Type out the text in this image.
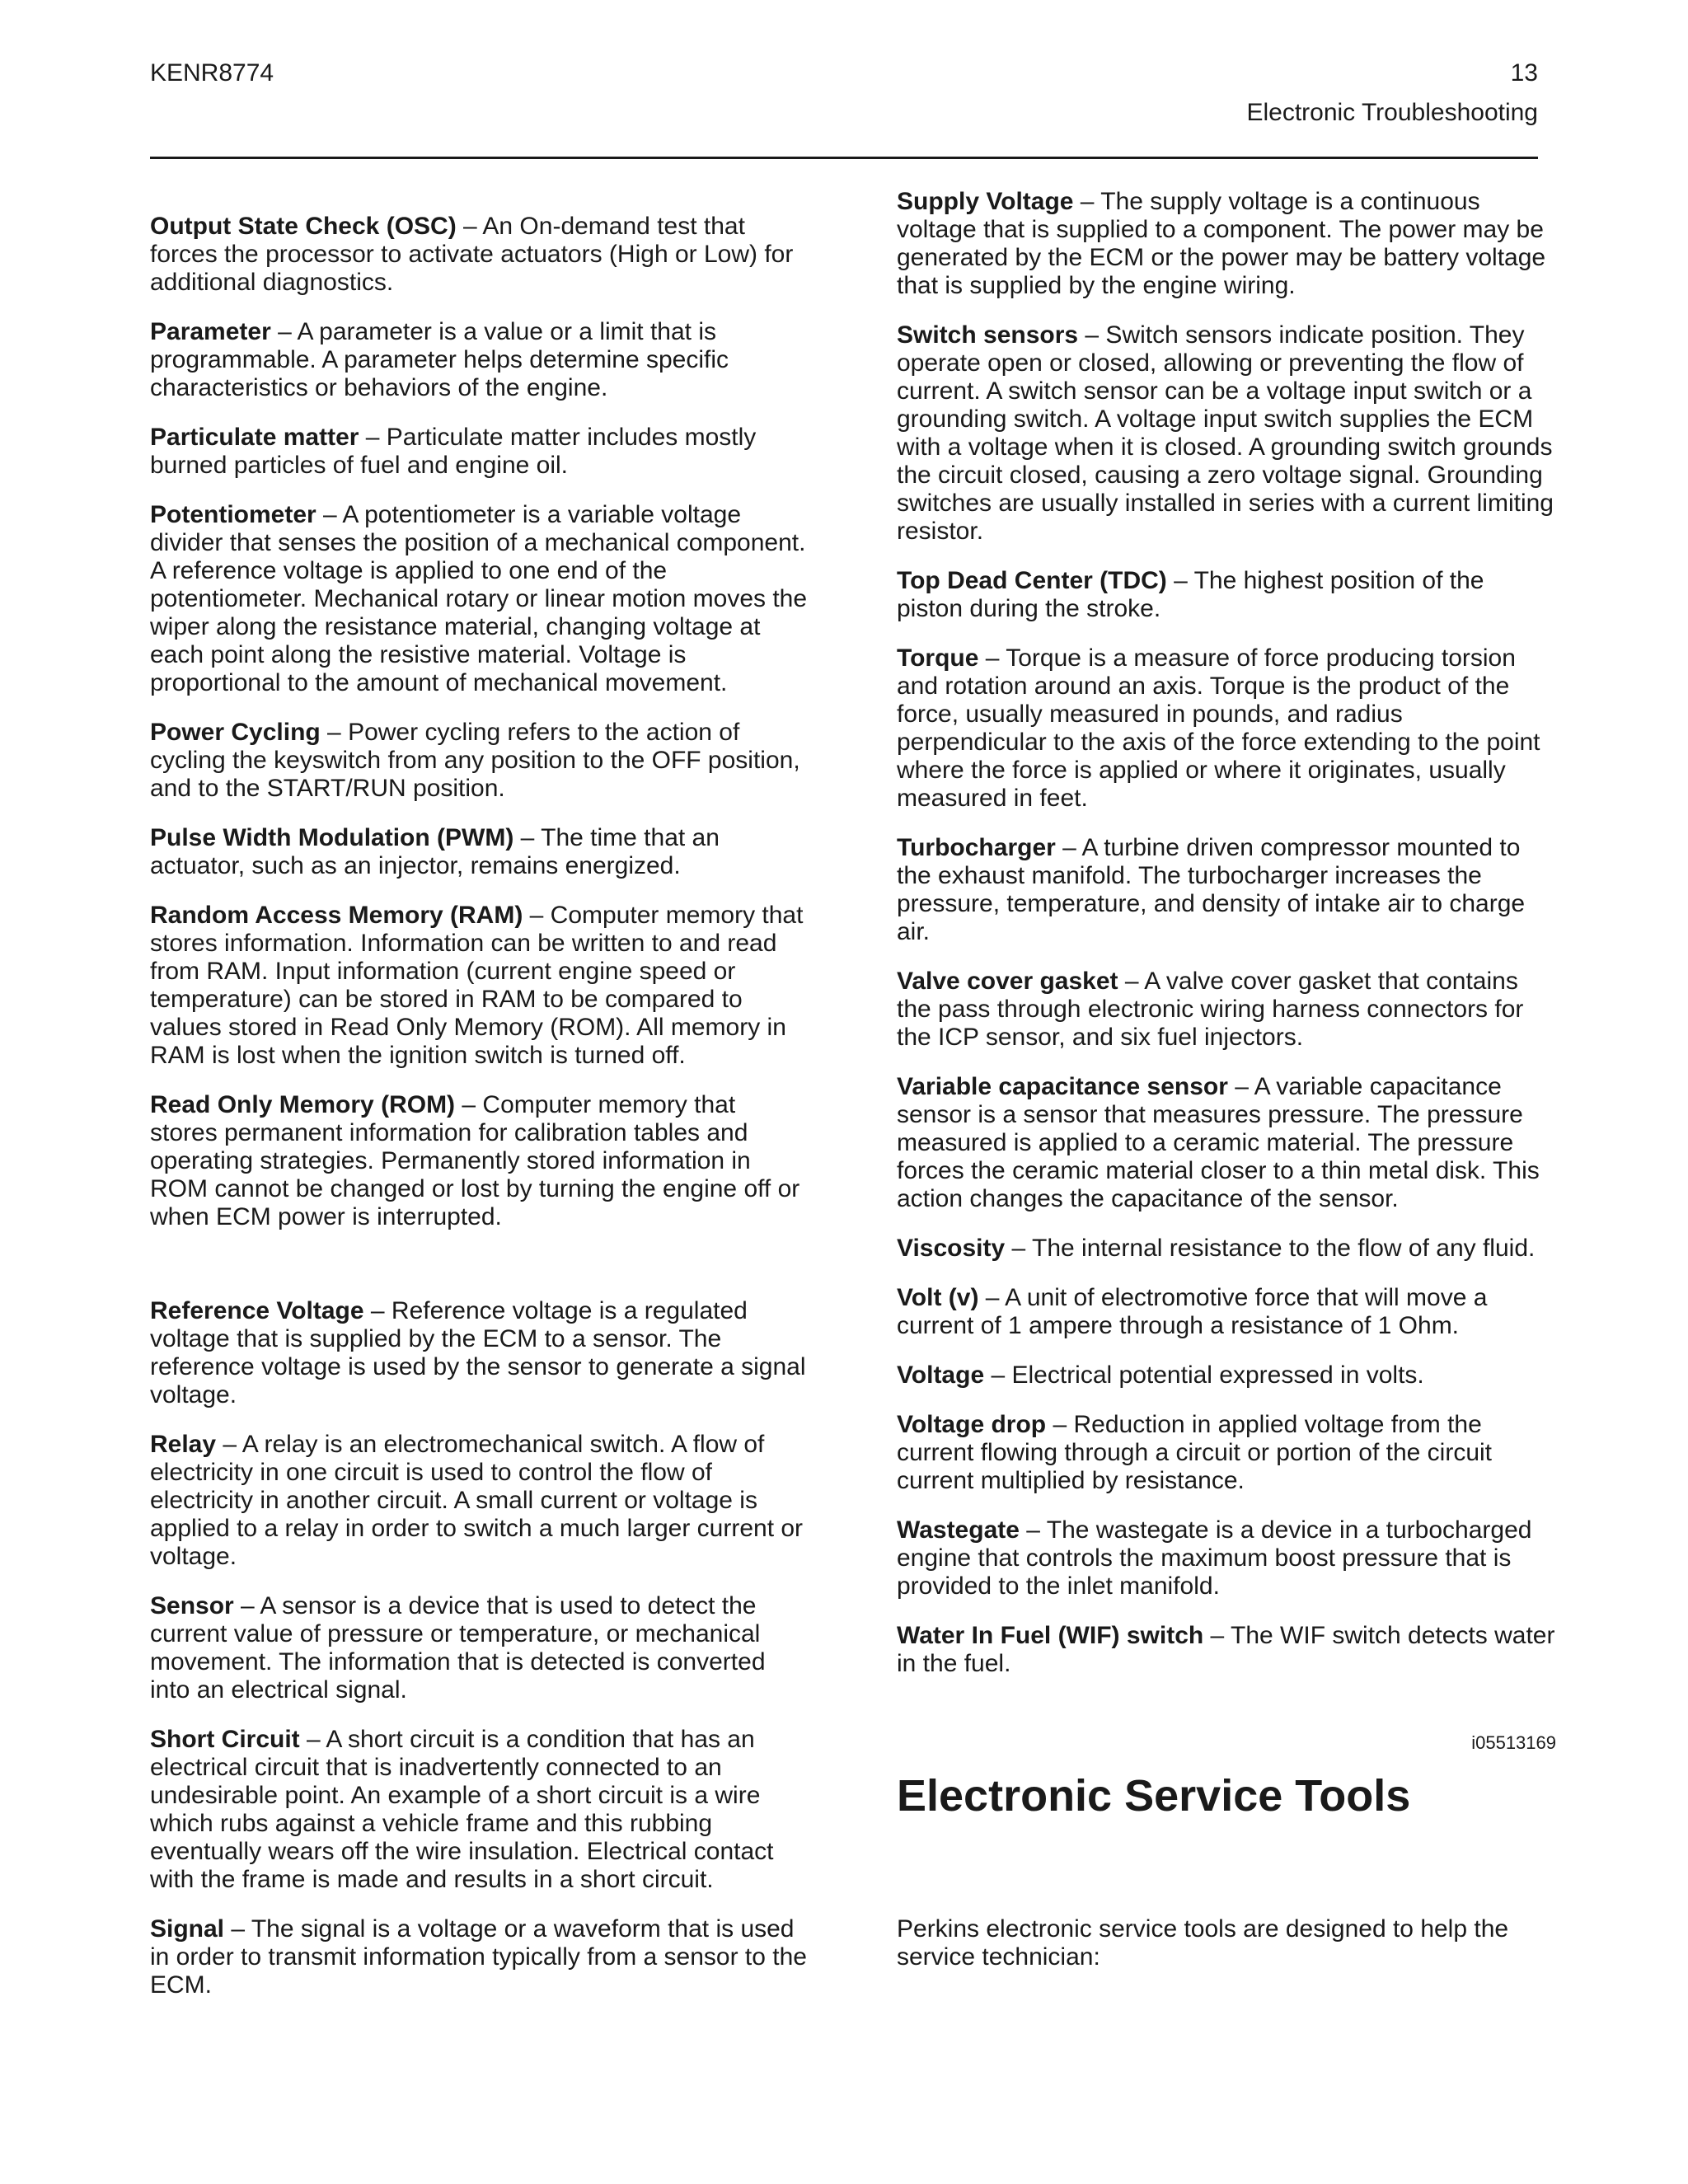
KENR8774	13
Electronic Troubleshooting

Output State Check (OSC) – An On-demand test that forces the processor to activate actuators (High or Low) for additional diagnostics.

Parameter – A parameter is a value or a limit that is programmable. A parameter helps determine specific characteristics or behaviors of the engine.

Particulate matter – Particulate matter includes mostly burned particles of fuel and engine oil.

Potentiometer – A potentiometer is a variable voltage divider that senses the position of a mechanical component. A reference voltage is applied to one end of the potentiometer. Mechanical rotary or linear motion moves the wiper along the resistance material, changing voltage at each point along the resistive material. Voltage is proportional to the amount of mechanical movement.

Power Cycling – Power cycling refers to the action of cycling the keyswitch from any position to the OFF position, and to the START/RUN position.

Pulse Width Modulation (PWM) – The time that an actuator, such as an injector, remains energized.

Random Access Memory (RAM) – Computer memory that stores information. Information can be written to and read from RAM. Input information (current engine speed or temperature) can be stored in RAM to be compared to values stored in Read Only Memory (ROM). All memory in RAM is lost when the ignition switch is turned off.

Read Only Memory (ROM) – Computer memory that stores permanent information for calibration tables and operating strategies. Permanently stored information in ROM cannot be changed or lost by turning the engine off or when ECM power is interrupted.

Reference Voltage – Reference voltage is a regulated voltage that is supplied by the ECM to a sensor. The reference voltage is used by the sensor to generate a signal voltage.

Relay – A relay is an electromechanical switch. A flow of electricity in one circuit is used to control the flow of electricity in another circuit. A small current or voltage is applied to a relay in order to switch a much larger current or voltage.

Sensor – A sensor is a device that is used to detect the current value of pressure or temperature, or mechanical movement. The information that is detected is converted into an electrical signal.

Short Circuit – A short circuit is a condition that has an electrical circuit that is inadvertently connected to an undesirable point. An example of a short circuit is a wire which rubs against a vehicle frame and this rubbing eventually wears off the wire insulation. Electrical contact with the frame is made and results in a short circuit.

Signal – The signal is a voltage or a waveform that is used in order to transmit information typically from a sensor to the ECM.

Supply Voltage – The supply voltage is a continuous voltage that is supplied to a component. The power may be generated by the ECM or the power may be battery voltage that is supplied by the engine wiring.

Switch sensors – Switch sensors indicate position. They operate open or closed, allowing or preventing the flow of current. A switch sensor can be a voltage input switch or a grounding switch. A voltage input switch supplies the ECM with a voltage when it is closed. A grounding switch grounds the circuit closed, causing a zero voltage signal. Grounding switches are usually installed in series with a current limiting resistor.

Top Dead Center (TDC) – The highest position of the piston during the stroke.

Torque – Torque is a measure of force producing torsion and rotation around an axis. Torque is the product of the force, usually measured in pounds, and radius perpendicular to the axis of the force extending to the point where the force is applied or where it originates, usually measured in feet.

Turbocharger – A turbine driven compressor mounted to the exhaust manifold. The turbocharger increases the pressure, temperature, and density of intake air to charge air.

Valve cover gasket – A valve cover gasket that contains the pass through electronic wiring harness connectors for the ICP sensor, and six fuel injectors.

Variable capacitance sensor – A variable capacitance sensor is a sensor that measures pressure. The pressure measured is applied to a ceramic material. The pressure forces the ceramic material closer to a thin metal disk. This action changes the capacitance of the sensor.

Viscosity – The internal resistance to the flow of any fluid.

Volt (v) – A unit of electromotive force that will move a current of 1 ampere through a resistance of 1 Ohm.

Voltage – Electrical potential expressed in volts.

Voltage drop – Reduction in applied voltage from the current flowing through a circuit or portion of the circuit current multiplied by resistance.

Wastegate – The wastegate is a device in a turbocharged engine that controls the maximum boost pressure that is provided to the inlet manifold.

Water In Fuel (WIF) switch – The WIF switch detects water in the fuel.

i05513169
Electronic Service Tools

Perkins electronic service tools are designed to help the service technician:
